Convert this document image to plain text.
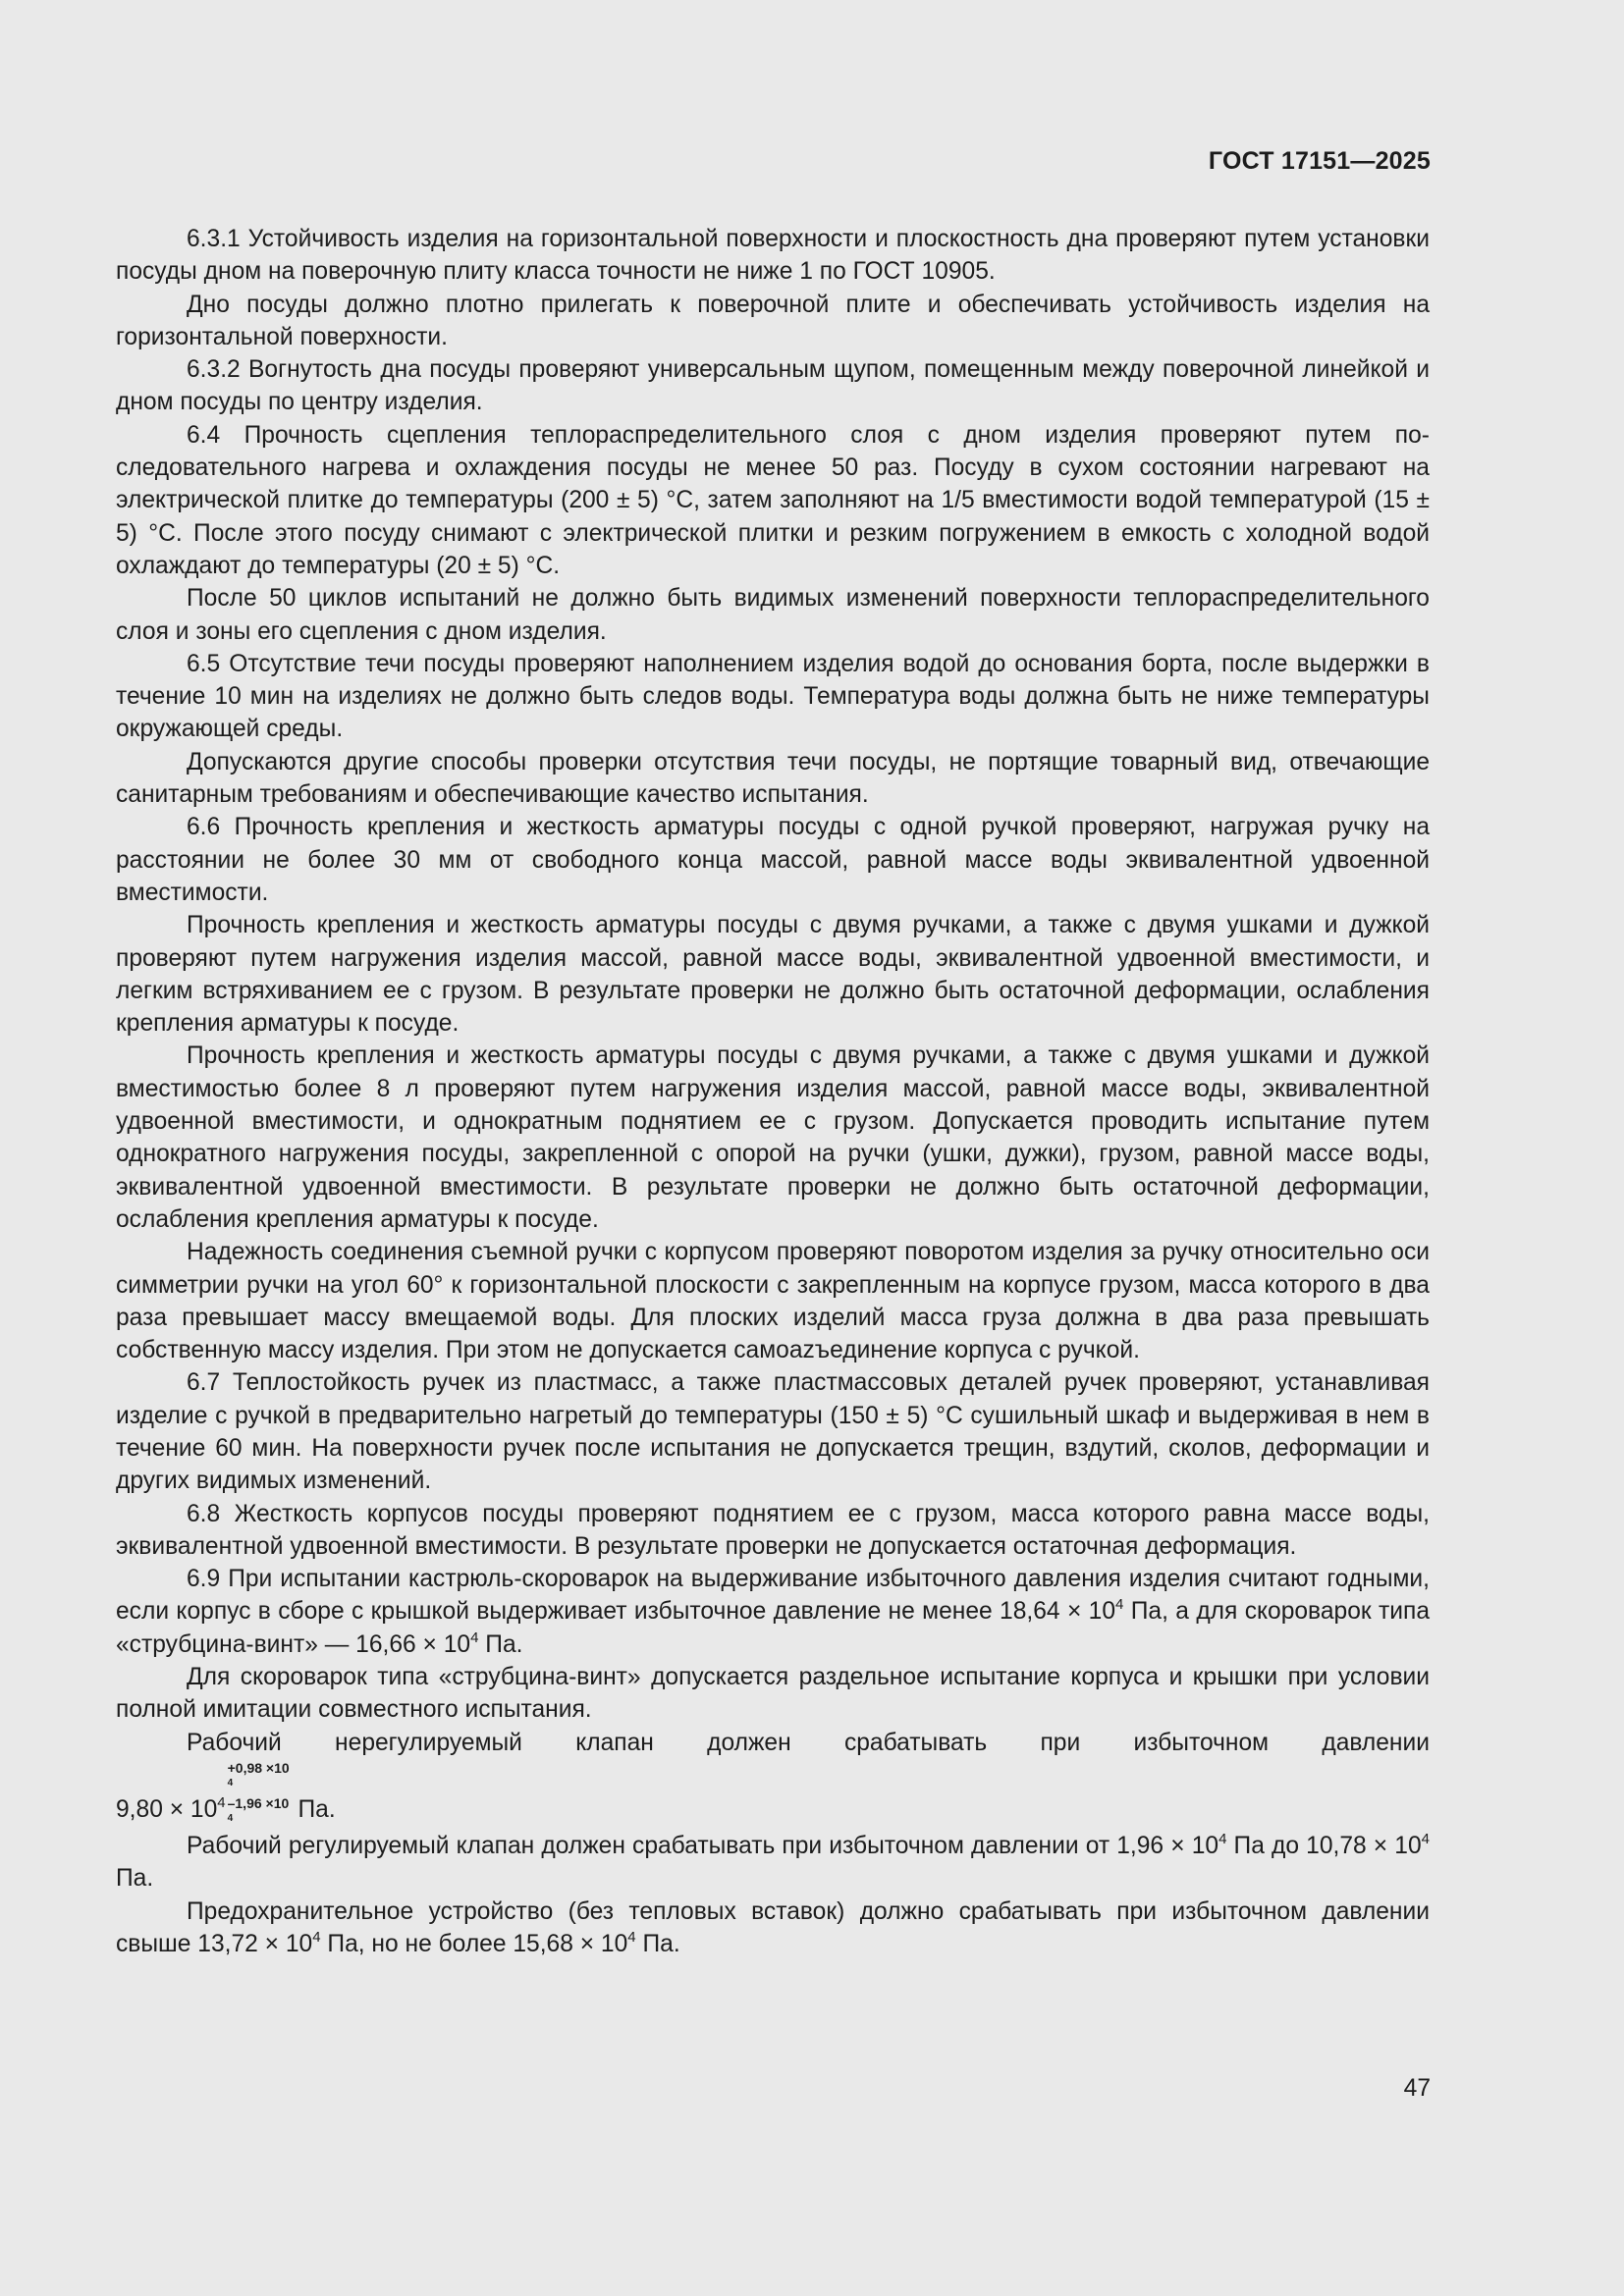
ГОСТ 17151—2025

6.3.1 Устойчивость изделия на горизонтальной поверхности и плоскостность дна проверяют путем установки посуды дном на поверочную плиту класса точности не ниже 1 по ГОСТ 10905.

Дно посуды должно плотно прилегать к поверочной плите и обеспечивать устойчивость изделия на горизонтальной поверхности.

6.3.2 Вогнутость дна посуды проверяют универсальным щупом, помещенным между поверочной линейкой и дном посуды по центру изделия.

6.4 Прочность сцепления теплораспределительного слоя с дном изделия проверяют путем последовательного нагрева и охлаждения посуды не менее 50 раз. Посуду в сухом состоянии нагревают на электрической плитке до температуры (200 ± 5) °С, затем заполняют на 1/5 вместимости водой температурой (15 ± 5) °С. После этого посуду снимают с электрической плитки и резким погружением в емкость с холодной водой охлаждают до температуры (20 ± 5) °С.

После 50 циклов испытаний не должно быть видимых изменений поверхности теплораспределительного слоя и зоны его сцепления с дном изделия.

6.5 Отсутствие течи посуды проверяют наполнением изделия водой до основания борта, после выдержки в течение 10 мин на изделиях не должно быть следов воды. Температура воды должна быть не ниже температуры окружающей среды.

Допускаются другие способы проверки отсутствия течи посуды, не портящие товарный вид, отвечающие санитарным требованиям и обеспечивающие качество испытания.

6.6 Прочность крепления и жесткость арматуры посуды с одной ручкой проверяют, нагружая ручку на расстоянии не более 30 мм от свободного конца массой, равной массе воды эквивалентной удвоенной вместимости.

Прочность крепления и жесткость арматуры посуды с двумя ручками, а также с двумя ушками и дужкой проверяют путем нагружения изделия массой, равной массе воды, эквивалентной удвоенной вместимости, и легким встряхиванием ее с грузом. В результате проверки не должно быть остаточной деформации, ослабления крепления арматуры к посуде.

Прочность крепления и жесткость арматуры посуды с двумя ручками, а также с двумя ушками и дужкой вместимостью более 8 л проверяют путем нагружения изделия массой, равной массе воды, эквивалентной удвоенной вместимости, и однократным поднятием ее с грузом. Допускается проводить испытание путем однократного нагружения посуды, закрепленной с опорой на ручки (ушки, дужки), грузом, равной массе воды, эквивалентной удвоенной вместимости. В результате проверки не должно быть остаточной деформации, ослабления крепления арматуры к посуде.

Надежность соединения съемной ручки с корпусом проверяют поворотом изделия за ручку относительно оси симметрии ручки на угол 60° к горизонтальной плоскости с закрепленным на корпусе грузом, масса которого в два раза превышает массу вмещаемой воды. Для плоских изделий масса груза должна в два раза превышать собственную массу изделия. При этом не допускается самоazъединение корпуса с ручкой.

6.7 Теплостойкость ручек из пластмасс, а также пластмассовых деталей ручек проверяют, устанавливая изделие с ручкой в предварительно нагретый до температуры (150 ± 5) °С сушильный шкаф и выдерживая в нем в течение 60 мин. На поверхности ручек после испытания не допускается трещин, вздутий, сколов, деформации и других видимых изменений.

6.8 Жесткость корпусов посуды проверяют поднятием ее с грузом, масса которого равна массе воды, эквивалентной удвоенной вместимости. В результате проверки не допускается остаточная деформация.

6.9 При испытании кастрюль-скороварок на выдерживание избыточного давления изделия считают годными, если корпус в сборе с крышкой выдерживает избыточное давление не менее $18,64 \times 10^4$ Па, а для скороварок типа «струбцина-винт» — $16,66 \times 10^4$ Па.

Для скороварок типа «струбцина-винт» допускается раздельное испытание корпуса и крышки при условии полной имитации совместного испытания.

Рабочий нерегулируемый клапан должен срабатывать при избыточном давлении

$9,80 \times 10^4$
+0,98 ×10
$^4$
–1,96 ×10
$^4$	Па.

Рабочий регулируемый клапан должен срабатывать при избыточном давлении от $1,96 \times 10^4$ Па до $10,78 \times 10^4$ Па.

Предохранительное устройство (без тепловых вставок) должно срабатывать при избыточном давлении свыше $13,72 \times 10^4$ Па, но не более $15,68 \times 10^4$ Па.

47
